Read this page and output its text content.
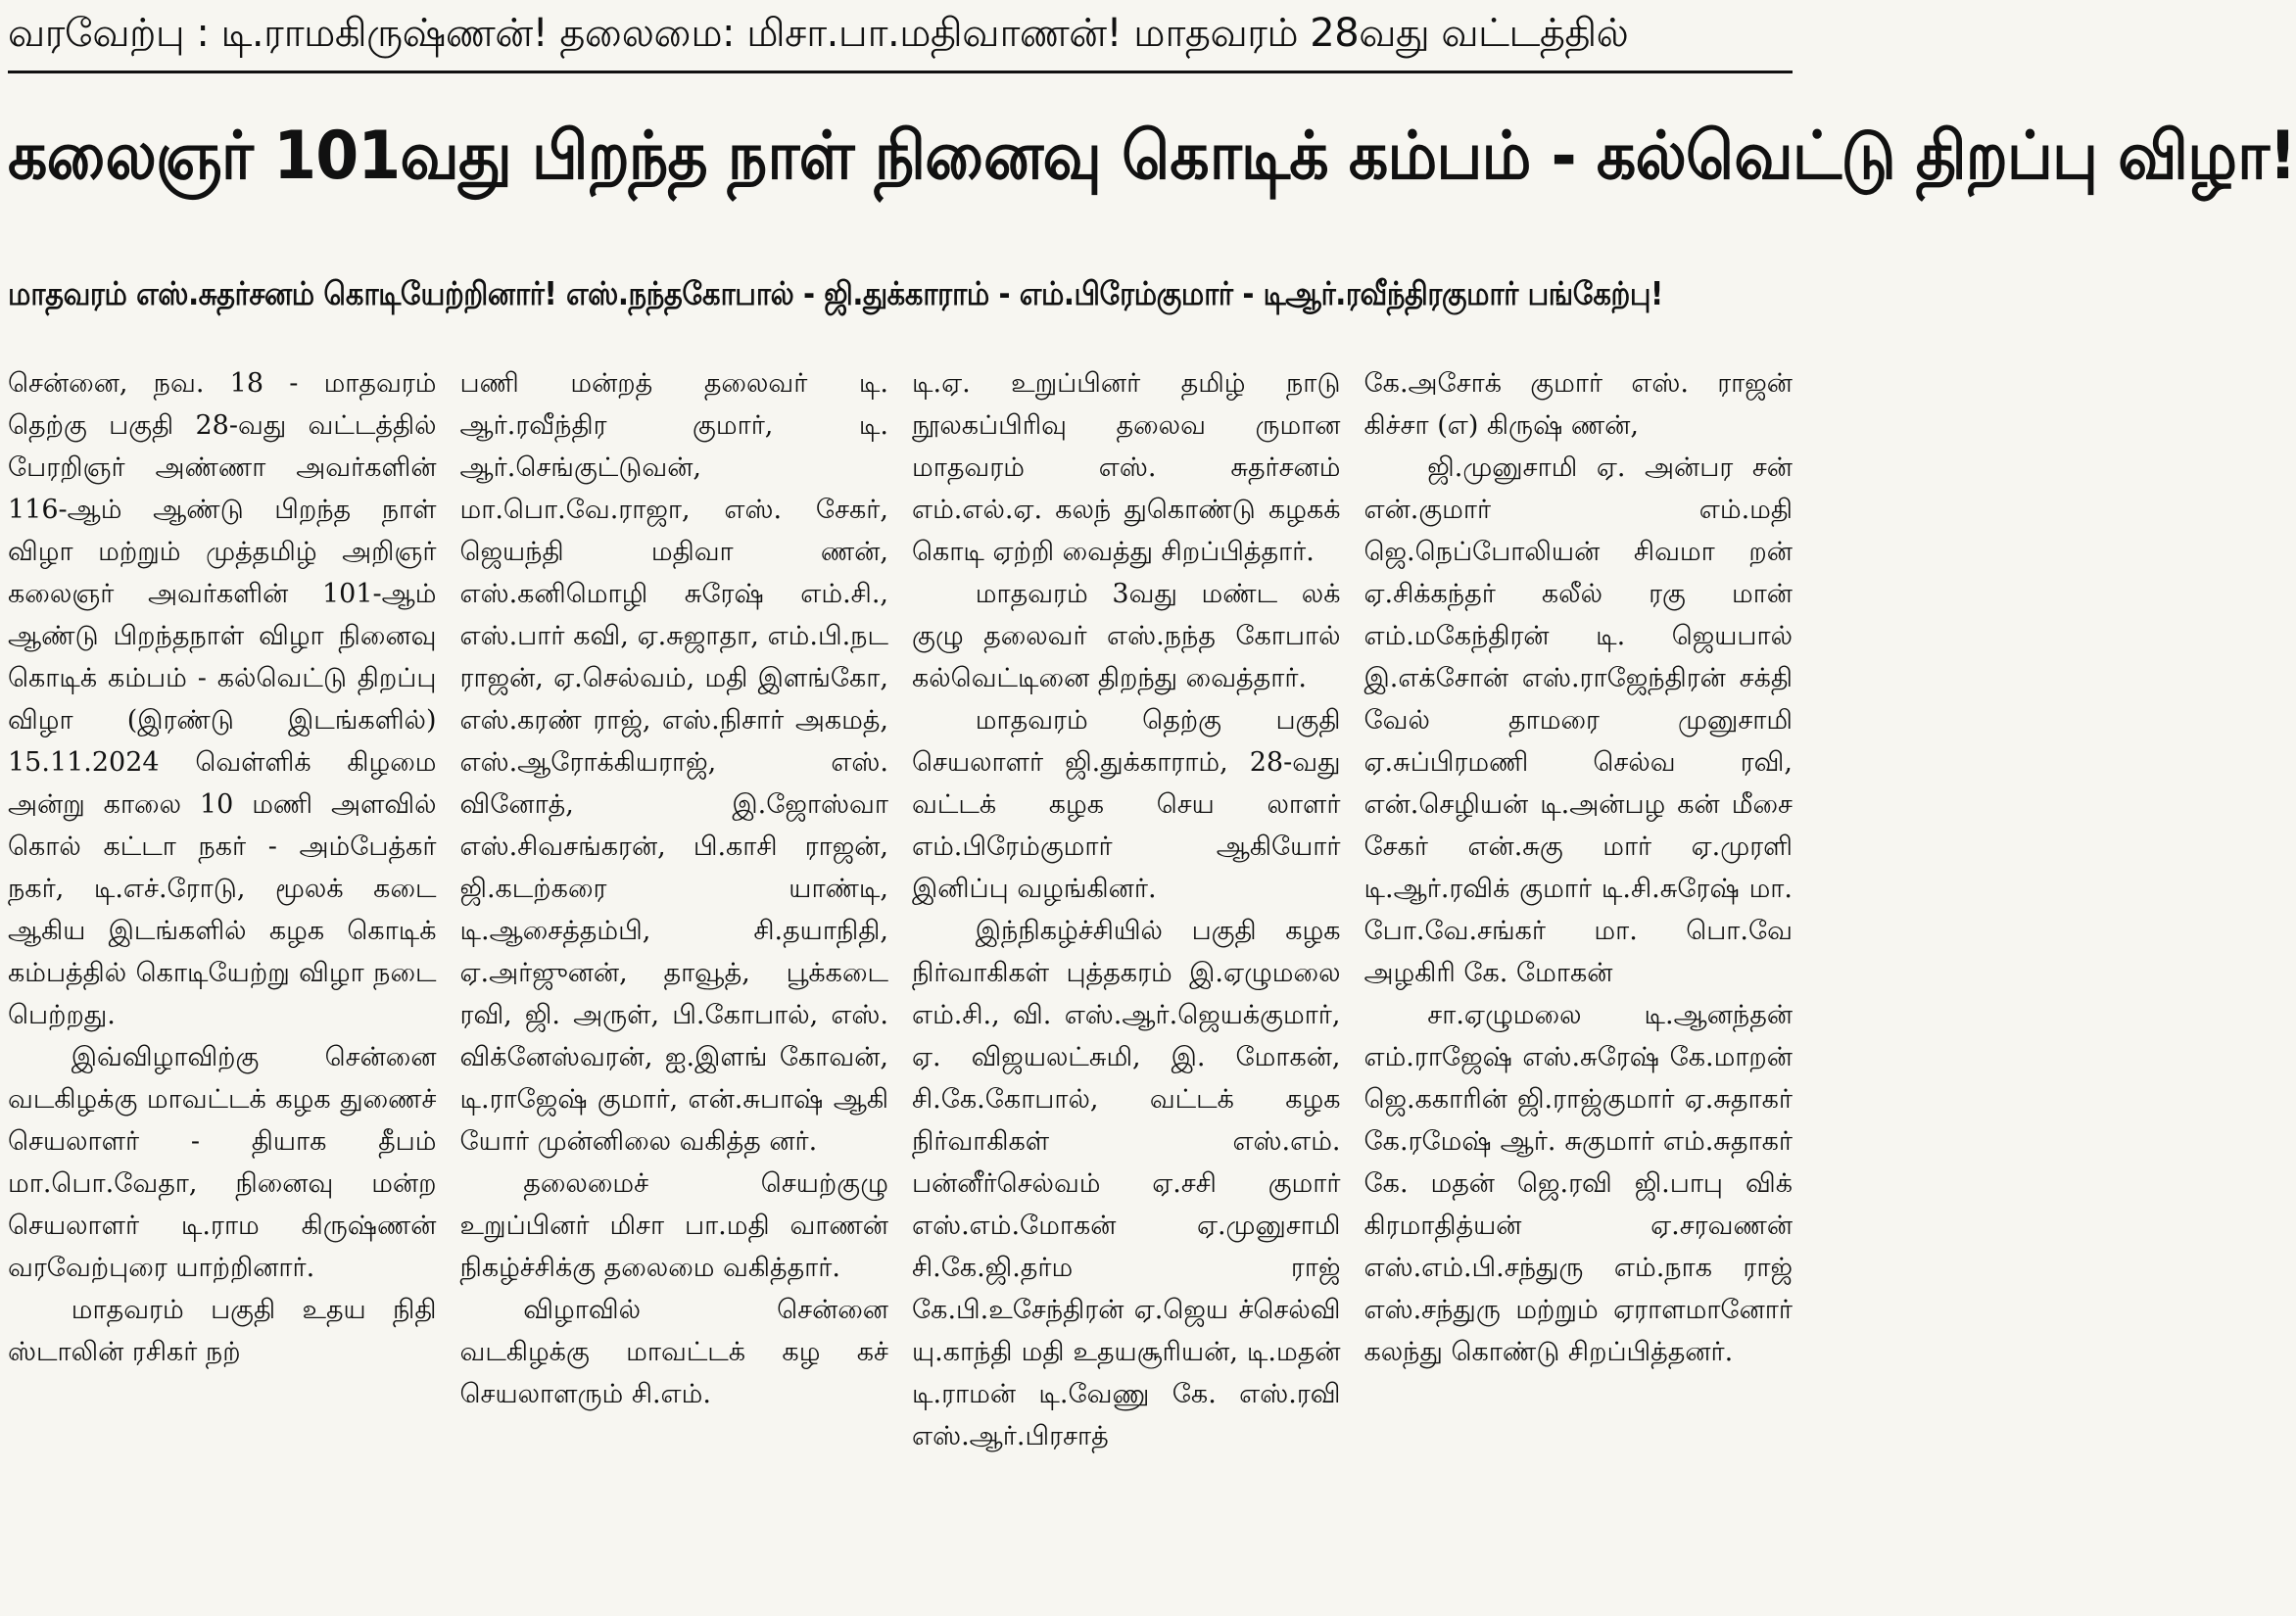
வரவேற்பு : டி.ராமகிருஷ்ணன்! தலைமை: மிசா.பா.மதிவாணன்! மாதவரம் 28வது வட்டத்தில்
கலைஞர் 101வது பிறந்த நாள் நினைவு கொடிக் கம்பம் - கல்வெட்டு திறப்பு விழா!
மாதவரம் எஸ்.சுதர்சனம் கொடியேற்றினார்! எஸ்.நந்தகோபால் - ஜி.துக்காராம் - எம்.பிரேம்குமார் - டிஆர்.ரவீந்திரகுமார் பங்கேற்பு!

சென்னை, நவ. 18 - மாதவரம் தெற்கு பகுதி 28-வது வட்டத்தில் பேரறிஞர் அண்ணா அவர்களின் 116-ஆம் ஆண்டு பிறந்த நாள் விழா மற்றும் முத்தமிழ் அறிஞர் கலைஞர் அவர்களின் 101-ஆம் ஆண்டு பிறந்தநாள் விழா நினைவு கொடிக் கம்பம் - கல்வெட்டு திறப்பு விழா (இரண்டு இடங்களில்) 15.11.2024 வெள்ளிக் கிழமை அன்று காலை 10 மணி அளவில் கொல் கட்டா நகர் - அம்பேத்கர் நகர், டி.எச்.ரோடு, மூலக் கடை ஆகிய இடங்களில் கழக கொடிக் கம்பத்தில் கொடியேற்று விழா நடை பெற்றது.

இவ்விழாவிற்கு சென்னை வடகிழக்கு மாவட்டக் கழக துணைச் செயலாளர் - தியாக தீபம் மா.பொ.வேதா, நினைவு மன்ற செயலாளர் டி.ராம கிருஷ்ணன் வரவேற்புரை யாற்றினார்.

மாதவரம் பகுதி உதய நிதி ஸ்டாலின் ரசிகர் நற்

பணி மன்றத் தலைவர் டி. ஆர்.ரவீந்திர குமார், டி. ஆர்.செங்குட்டுவன், மா.பொ.வே.ராஜா, எஸ். சேகர், ஜெயந்தி மதிவா ணன், எஸ்.கனிமொழி சுரேஷ் எம்.சி., எஸ்.பார் கவி, ஏ.சுஜாதா, எம்.பி.நட ராஜன், ஏ.செல்வம், மதி இளங்கோ, எஸ்.கரண் ராஜ், எஸ்.நிசார் அகமத், எஸ்.ஆரோக்கியராஜ், எஸ். வினோத், இ.ஜோஸ்வா எஸ்.சிவசங்கரன், பி.காசி ராஜன், ஜி.கடற்கரை யாண்டி, டி.ஆசைத்தம்பி, சி.தயாநிதி, ஏ.அர்ஜுனன், தாவூத், பூக்கடை ரவி, ஜி. அருள், பி.கோபால், எஸ். விக்னேஸ்வரன், ஐ.இளங் கோவன், டி.ராஜேஷ் குமார், என்.சுபாஷ் ஆகி யோர் முன்னிலை வகித்த னர்.

தலைமைச் செயற்குழு உறுப்பினர் மிசா பா.மதி வாணன் நிகழ்ச்சிக்கு தலைமை வகித்தார்.

விழாவில் சென்னை வடகிழக்கு மாவட்டக் கழ கச் செயலாளரும் சி.எம்.

டி.ஏ. உறுப்பினர் தமிழ் நாடு நூலகப்பிரிவு தலைவ ருமான மாதவரம் எஸ். சுதர்சனம் எம்.எல்.ஏ. கலந் துகொண்டு கழகக் கொடி ஏற்றி வைத்து சிறப்பித்தார்.

மாதவரம் 3வது மண்ட லக் குழு தலைவர் எஸ்.நந்த கோபால் கல்வெட்டினை திறந்து வைத்தார்.

மாதவரம் தெற்கு பகுதி செயலாளர் ஜி.துக்காராம், 28-வது வட்டக் கழக செய லாளர் எம்.பிரேம்குமார் ஆகியோர் இனிப்பு வழங்கினர்.

இந்நிகழ்ச்சியில் பகுதி கழக நிர்வாகிகள் புத்தகரம் இ.ஏழுமலை எம்.சி., வி. எஸ்.ஆர்.ஜெயக்குமார், ஏ. விஜயலட்சுமி, இ. மோகன், சி.கே.கோபால், வட்டக் கழக நிர்வாகிகள் எஸ்.எம். பன்னீர்செல்வம் ஏ.சசி குமார் எஸ்.எம்.மோகன் ஏ.முனுசாமி சி.கே.ஜி.தர்ம ராஜ் கே.பி.உசேந்திரன் ஏ.ஜெய ச்செல்வி யு.காந்தி மதி உதயசூரியன், டி.மதன் டி.ராமன் டி.வேணு கே. எஸ்.ரவி எஸ்.ஆர்.பிரசாத்

கே.அசோக் குமார் எஸ். ராஜன் கிச்சா (எ) கிருஷ் ணன்,

ஜி.முனுசாமி ஏ. அன்பர சன் என்.குமார் எம்.மதி ஜெ.நெப்போலியன் சிவமா றன் ஏ.சிக்கந்தர் கலீல் ரகு மான் எம்.மகேந்திரன் டி. ஜெயபால் இ.எக்சோன் எஸ்.ராஜேந்திரன் சக்தி வேல் தாமரை முனுசாமி ஏ.சுப்பிரமணி செல்வ ரவி, என்.செழியன் டி.அன்பழ கன் மீசை சேகர் என்.சுகு மார் ஏ.முரளி டி.ஆர்.ரவிக் குமார் டி.சி.சுரேஷ் மா. போ.வே.சங்கர் மா. பொ.வே அழகிரி கே. மோகன்

சா.ஏழுமலை டி.ஆனந்தன் எம்.ராஜேஷ் எஸ்.சுரேஷ் கே.மாறன் ஜெ.ககாரின் ஜி.ராஜ்குமார் ஏ.சுதாகர் கே.ரமேஷ் ஆர். சுகுமார் எம்.சுதாகர் கே. மதன் ஜெ.ரவி ஜி.பாபு விக் கிரமாதித்யன் ஏ.சரவணன் எஸ்.எம்.பி.சந்துரு எம்.நாக ராஜ் எஸ்.சந்துரு மற்றும் ஏராளமானோர் கலந்து கொண்டு சிறப்பித்தனர்.
